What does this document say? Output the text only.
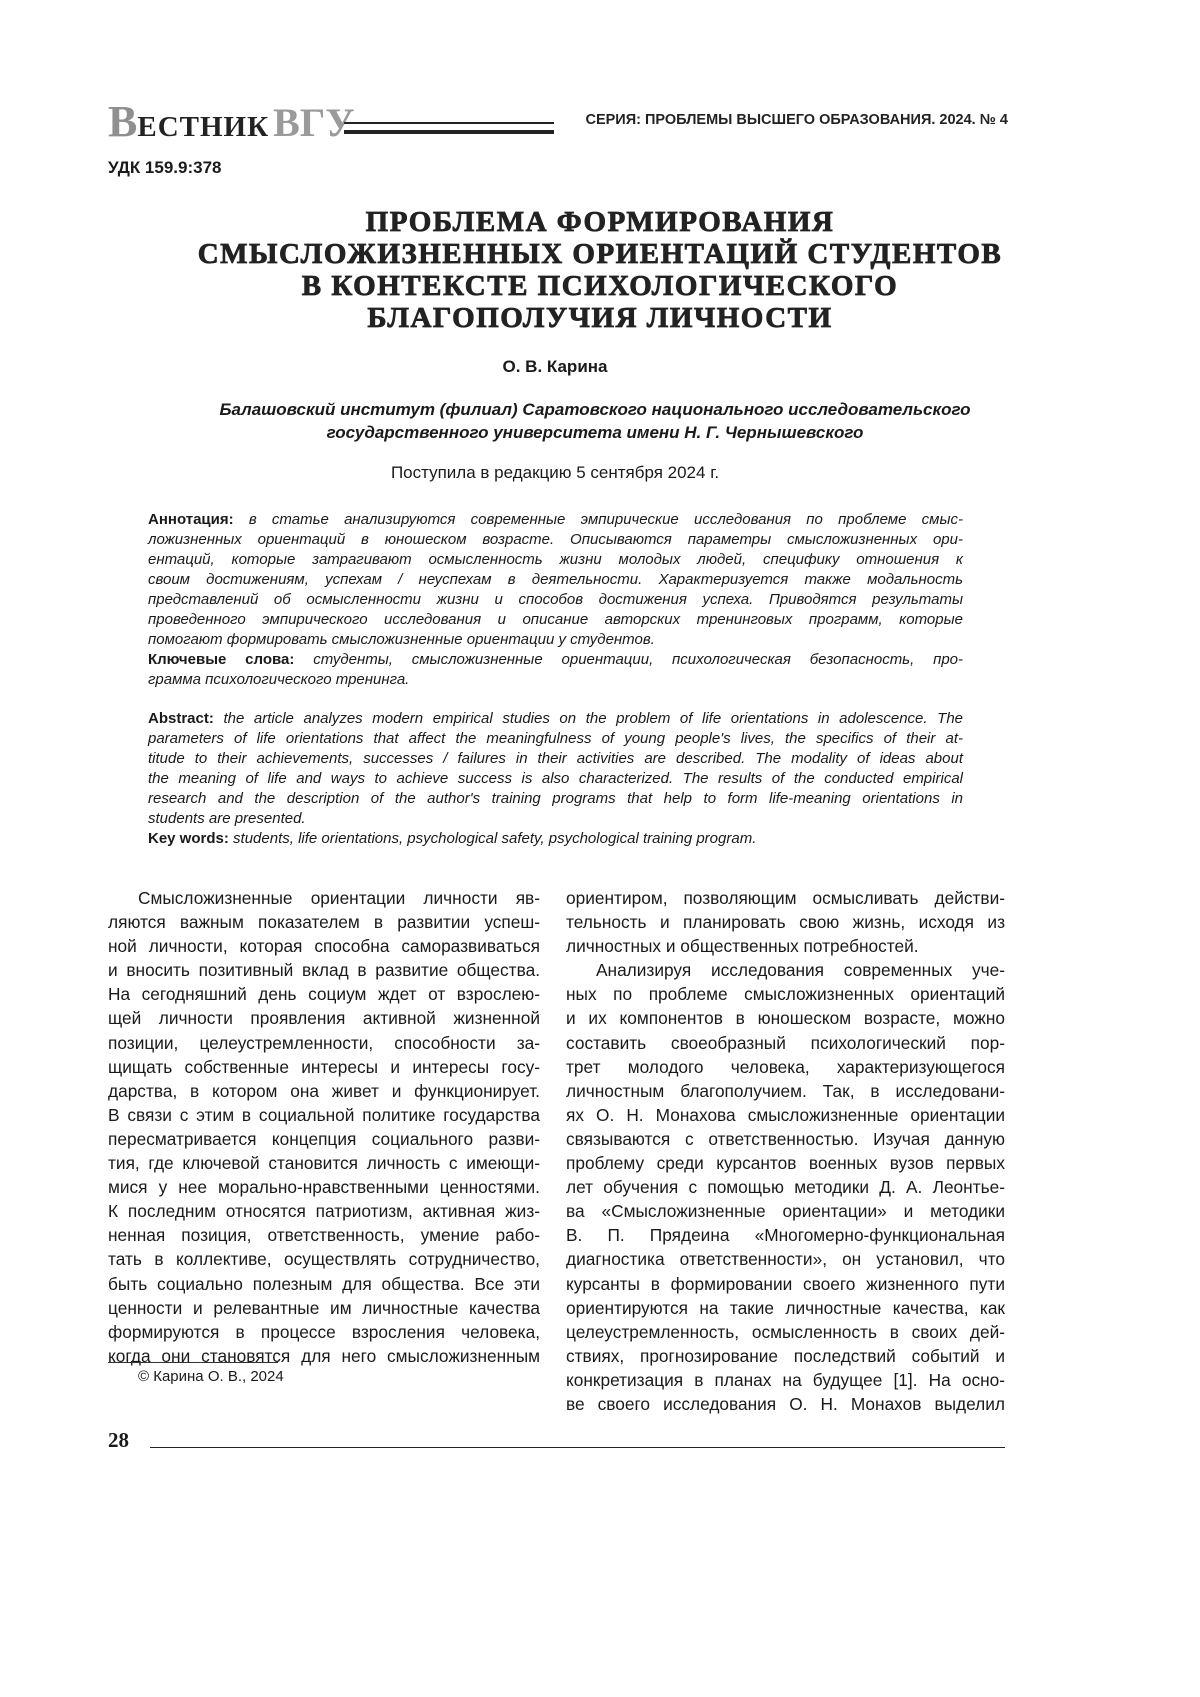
ВЕСТНИК ВГУ	СЕРИЯ: ПРОБЛЕМЫ ВЫСШЕГО ОБРАЗОВАНИЯ. 2024. № 4
УДК 159.9:378
ПРОБЛЕМА ФОРМИРОВАНИЯ
СМЫСЛОЖИЗНЕННЫХ ОРИЕНТАЦИЙ СТУДЕНТОВ
В КОНТЕКСТЕ ПСИХОЛОГИЧЕСКОГО
БЛАГОПОЛУЧИЯ ЛИЧНОСТИ
О. В. Карина
Балашовский институт (филиал) Саратовского национального исследовательского
государственного университета имени Н. Г. Чернышевского
Поступила в редакцию 5 сентября 2024 г.
Аннотация: в статье анализируются современные эмпирические исследования по проблеме смыс-
ложизненных ориентаций в юношеском возрасте. Описываются параметры смысложизненных ори-
ентаций, которые затрагивают осмысленность жизни молодых людей, специфику отношения к
своим достижениям, успехам / неуспехам в деятельности. Характеризуется также модальность
представлений об осмысленности жизни и способов достижения успеха. Приводятся результаты
проведенного эмпирического исследования и описание авторских тренинговых программ, которые
помогают формировать смысложизненные ориентации у студентов.
Ключевые слова: студенты, смысложизненные ориентации, психологическая безопасность, про-
грамма психологического тренинга.
Abstract: the article analyzes modern empirical studies on the problem of life orientations in adolescence. The
parameters of life orientations that affect the meaningfulness of young people's lives, the specifics of their at-
titude to their achievements, successes / failures in their activities are described. The modality of ideas about
the meaning of life and ways to achieve success is also characterized. The results of the conducted empirical
research and the description of the author's training programs that help to form life-meaning orientations in
students are presented.
Key words: students, life orientations, psychological safety, psychological training program.
Смысложизненные ориентации личности яв-
ляются важным показателем в развитии успеш-
ной личности, которая способна саморазвиваться
и вносить позитивный вклад в развитие общества.
На сегодняшний день социум ждет от взрослею-
щей личности проявления активной жизненной
позиции, целеустремленности, способности за-
щищать собственные интересы и интересы госу-
дарства, в котором она живет и функционирует.
В связи с этим в социальной политике государства
пересматривается концепция социального разви-
тия, где ключевой становится личность с имеющи-
мися у нее морально-нравственными ценностями.
К последним относятся патриотизм, активная жиз-
ненная позиция, ответственность, умение рабо-
тать в коллективе, осуществлять сотрудничество,
быть социально полезным для общества. Все эти
ценности и релевантные им личностные качества
формируются в процессе взросления человека,
когда они становятся для него смысложизненным
ориентиром, позволяющим осмысливать действи-
тельность и планировать свою жизнь, исходя из
личностных и общественных потребностей.
Анализируя исследования современных уче-
ных по проблеме смысложизненных ориентаций
и их компонентов в юношеском возрасте, можно
составить своеобразный психологический пор-
трет молодого человека, характеризующегося
личностным благополучием. Так, в исследовани-
ях О. Н. Монахова смысложизненные ориентации
связываются с ответственностью. Изучая данную
проблему среди курсантов военных вузов первых
лет обучения с помощью методики Д. А. Леонтье-
ва «Смысложизненные ориентации» и методики
В. П. Прядеина «Многомерно-функциональная
диагностика ответственности», он установил, что
курсанты в формировании своего жизненного пути
ориентируются на такие личностные качества, как
целеустремленность, осмысленность в своих дей-
ствиях, прогнозирование последствий событий и
конкретизация в планах на будущее [1]. На осно-
ве своего исследования О. Н. Монахов выделил
© Карина О. В., 2024
28
